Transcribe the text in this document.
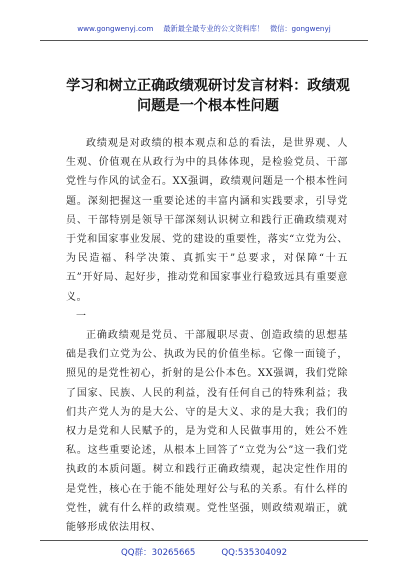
www.gongwenyj.com 最新最全最专业的公文资料库！ 微信：gongwenyj
学习和树立正确政绩观研讨发言材料：政绩观
问题是一个根本性问题

政绩观是对政绩的根本观点和总的看法，是世界观、人生观、价值观在从政行为中的具体体现，是检验党员、干部党性与作风的试金石。XX强调，政绩观问题是一个根本性问题。深刻把握这一重要论述的丰富内涵和实践要求，引导党员、干部特别是领导干部深刻认识树立和践行正确政绩观对于党和国家事业发展、党的建设的重要性，落实“立党为公、为民造福、科学决策、真抓实干”总要求，对保障“十五五”开好局、起好步，推动党和国家事业行稳致远具有重要意义。

一

正确政绩观是党员、干部履职尽责、创造政绩的思想基础是我们立党为公、执政为民的价值坐标。它像一面镜子，照见的是党性初心，折射的是公仆本色。XX强调，我们党除了国家、民族、人民的利益，没有任何自己的特殊利益；我们共产党人为的是大公、守的是大义、求的是大我；我们的权力是党和人民赋予的，是为党和人民做事用的，姓公不姓私。这些重要论述，从根本上回答了“立党为公”这一我们党执政的本质问题。树立和践行正确政绩观，起决定性作用的是党性，核心在于能不能处理好公与私的关系。有什么样的党性，就有什么样的政绩观。党性坚强，则政绩观端正，就能够形成依法用权、

QQ群：30265665	QQ:535304092
